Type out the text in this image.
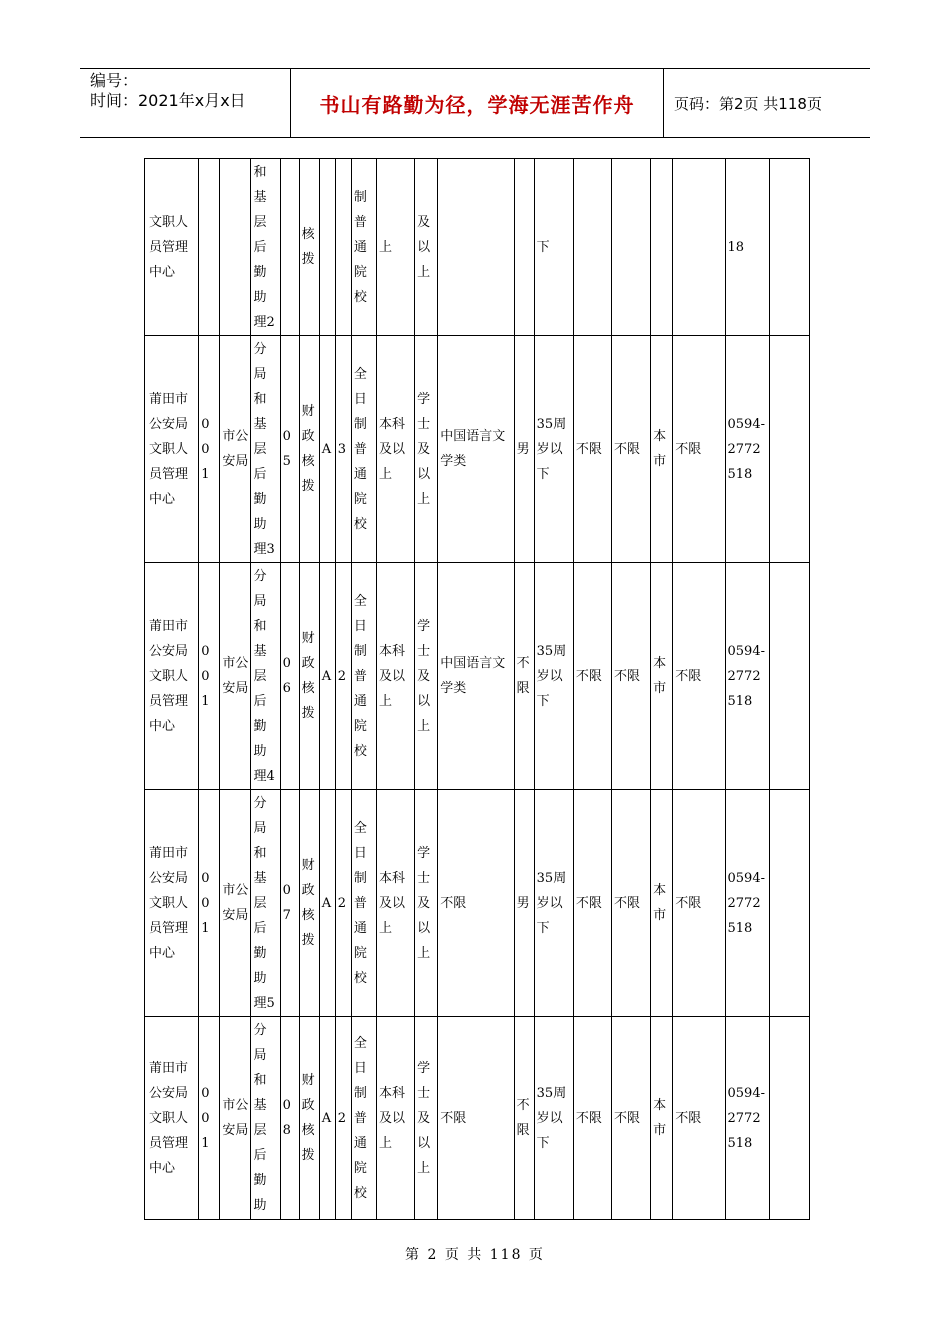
编号：
时间：2021年x月x日	书山有路勤为径，学海无涯苦作舟	页码：第2页 共118页
文职人员管理中心			和基层后勤助理2		核拨			制普通院校	上	及以上			下					18	
莆田市公安局文职人员管理中心	001	市公安局	分局和基层后勤助理3	05	财政核拨	A	3	全日制普通院校	本科及以上	学士及以上	中国语言文学类	男	35周岁以下	不限	不限	本市	不限	0594-2772518	
莆田市公安局文职人员管理中心	001	市公安局	分局和基层后勤助理4	06	财政核拨	A	2	全日制普通院校	本科及以上	学士及以上	中国语言文学类	不限	35周岁以下	不限	不限	本市	不限	0594-2772518	
莆田市公安局文职人员管理中心	001	市公安局	分局和基层后勤助理5	07	财政核拨	A	2	全日制普通院校	本科及以上	学士及以上	不限	男	35周岁以下	不限	不限	本市	不限	0594-2772518	
莆田市公安局文职人员管理中心	001	市公安局	分局和基层后勤助	08	财政核拨	A	2	全日制普通院校	本科及以上	学士及以上	不限	不限	35周岁以下	不限	不限	本市	不限	0594-2772518	
第 2 页 共 118 页
